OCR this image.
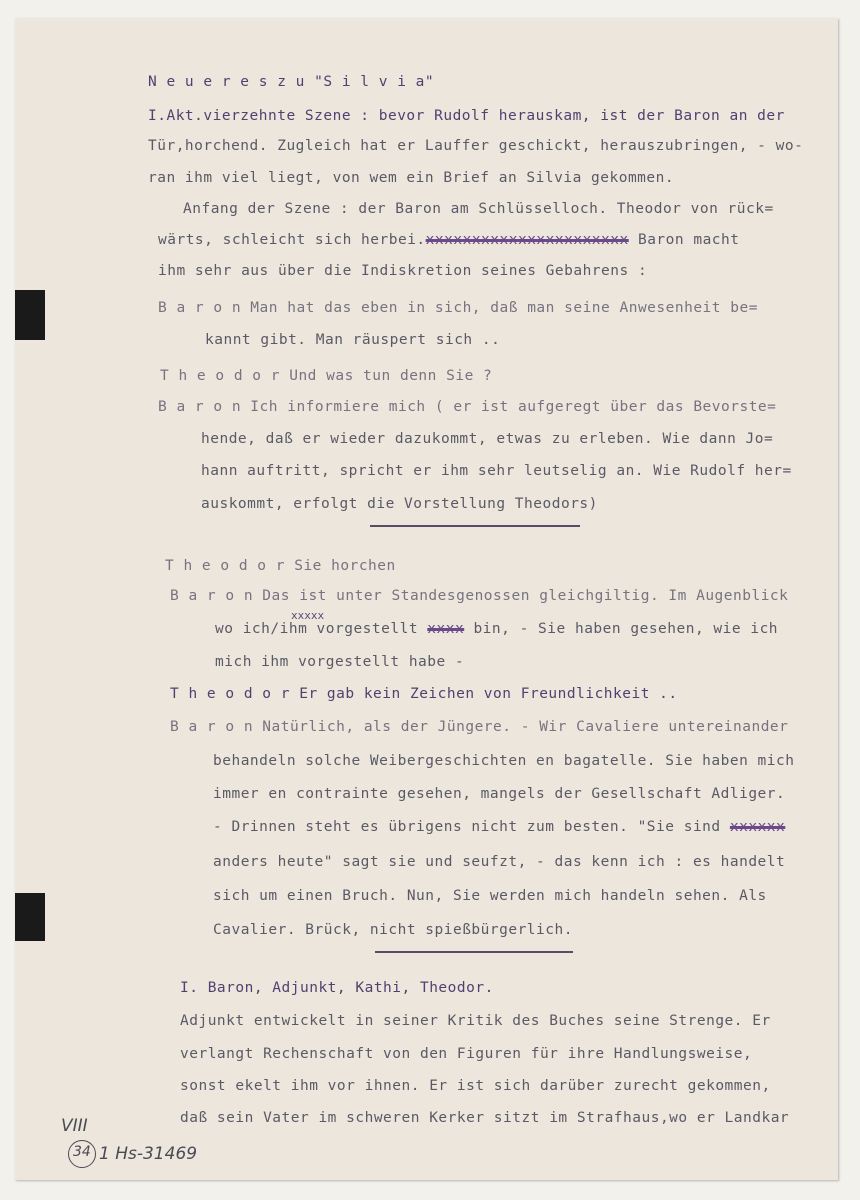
N e u e r e s z u "S i l v i a"
I.Akt.vierzehnte Szene : bevor Rudolf herauskam, ist der Baron an der
Tür,horchend. Zugleich hat er Lauffer geschickt, herauszubringen, - wo-
ran ihm viel liegt, von wem ein Brief an Silvia gekommen.
Anfang der Szene : der Baron am Schlüsselloch. Theodor von rück=
wärts, schleicht sich herbei.xxxxxxxxxxxxxxxxxxxxxx Baron macht
ihm sehr aus über die Indiskretion seines Gebahrens :
B a r o n Man hat das eben in sich, daß man seine Anwesenheit be=
kannt gibt. Man räuspert sich ..
T h e o d o r Und was tun denn Sie ?
B a r o n Ich informiere mich ( er ist aufgeregt über das Bevorste=
hende, daß er wieder dazukommt, etwas zu erleben. Wie dann Jo=
hann auftritt, spricht er ihm sehr leutselig an. Wie Rudolf her=
auskommt, erfolgt die Vorstellung Theodors)
T h e o d o r Sie horchen
B a r o n Das ist unter Standesgenossen gleichgiltig. Im Augenblick
xxxxx
wo ich/ihm vorgestellt xxxx bin, - Sie haben gesehen, wie ich
mich ihm vorgestellt habe -
T h e o d o r Er gab kein Zeichen von Freundlichkeit ..
B a r o n Natürlich, als der Jüngere. - Wir Cavaliere untereinander
behandeln solche Weibergeschichten en bagatelle. Sie haben mich
immer en contrainte gesehen, mangels der Gesellschaft Adliger.
- Drinnen steht es übrigens nicht zum besten. "Sie sind xxxxxx
anders heute" sagt sie und seufzt, - das kenn ich : es handelt
sich um einen Bruch. Nun, Sie werden mich handeln sehen. Als
Cavalier. Brück, nicht spießbürgerlich.
I. Baron, Adjunkt, Kathi, Theodor.
Adjunkt entwickelt in seiner Kritik des Buches seine Strenge. Er
verlangt Rechenschaft von den Figuren für ihre Handlungsweise,
sonst ekelt ihm vor ihnen. Er ist sich darüber zurecht gekommen,
daß sein Vater im schweren Kerker sitzt im Strafhaus,wo er Landkar
VIII
34 1 Hs-31469
